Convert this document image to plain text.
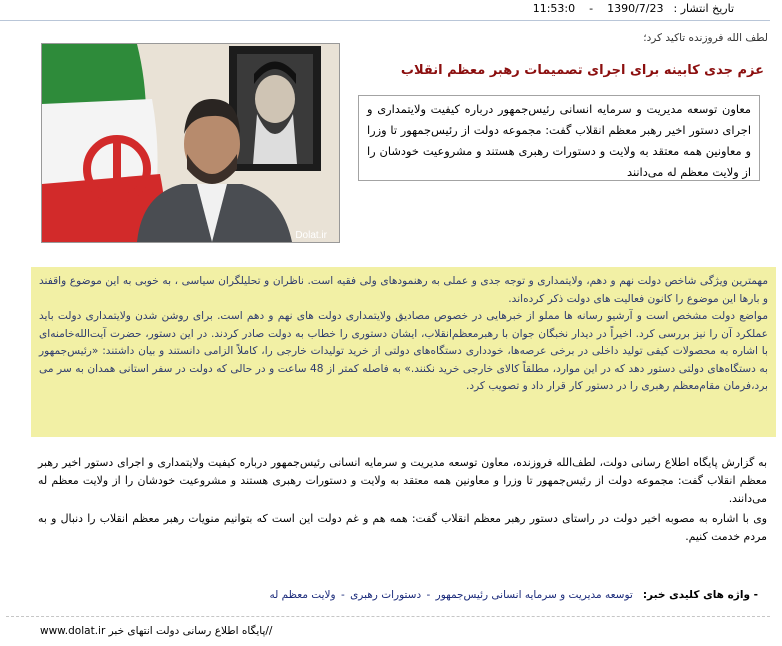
تاریخ انتشار :
1390/7/23
-
11:53:0
لطف الله فروزنده تاکید کرد؛
Dolat.ir
عزم جدی کابینه برای اجرای تصمیمات رهبر معظم انقلاب
معاون توسعه مدیریت و سرمایه انسانی رئیس‌جمهور درباره کیفیت ولایتمداری و اجرای دستور اخیر رهبر معظم انقلاب گفت: مجموعه دولت از رئیس‌جمهور تا وزرا و معاونین همه معتقد به ولایت و دستورات رهبری هستند و مشروعیت خودشان را از ولایت معظم له می‌دانند

مهمترین ویژگی شاخص دولت نهم و دهم، ولایتمداری و توجه جدی و عملی به رهنمودهای ولی فقیه است. ناظران و تحلیلگران سیاسی ، به خوبی به این موضوع واقفند و بارها این موضوع را کانون فعالیت های دولت ذکر کرده‌اند.

مواضع دولت مشخص است و آرشیو رسانه ها مملو از خبرهایی در خصوص مصادیق ولایتمداری دولت های نهم و دهم است. برای روشن شدن ولایتمداری دولت باید عملکرد آن را نیز بررسی کرد. اخیراً در دیدار نخبگان جوان با رهبرمعظم‌انقلاب، ایشان دستوری را خطاب به دولت صادر کردند. در این دستور، حضرت آیت‌الله‌خامنه‌ای با اشاره به محصولات کیفی تولید داخلی در برخی عرصه‌ها، خودداری دستگاه‌های دولتی از خرید تولیدات خارجی را، کاملاً الزامی دانستند و بیان داشتند: «رئیس‌جمهور به دستگاه‌های دولتی دستور دهد که در این موارد، مطلقاً کالای خارجی خرید نکنند.» به فاصله کمتر از 48 ساعت و در حالی که دولت در سفر استانی همدان به سر می برد،فرمان مقام‌معظم رهبری را در دستور کار قرار داد و تصویب کرد.

به گزارش پایگاه اطلاع رسانی دولت، لطف‌الله فروزنده، معاون توسعه مدیریت و سرمایه انسانی رئیس‌جمهور درباره کیفیت ولایتمداری و اجرای دستور اخیر رهبر معظم انقلاب گفت: مجموعه دولت از رئیس‌جمهور تا وزرا و معاونین همه معتقد به ولایت و دستورات رهبری هستند و مشروعیت خودشان را از ولایت معظم له می‌دانند.

وی با اشاره به مصوبه اخیر دولت در راستای دستور رهبر معظم انقلاب گفت: همه هم و غم دولت این است که بتوانیم منویات رهبر معظم انقلاب را دنبال و به مردم خدمت کنیم.

- واژه های کلیدی خبر:   توسعه مدیریت و سرمایه انسانی رئیس‌جمهور - دستورات رهبری - ولایت معظم له
www.dolat.ir	//پایگاه اطلاع رسانی دولت انتهای خبر
